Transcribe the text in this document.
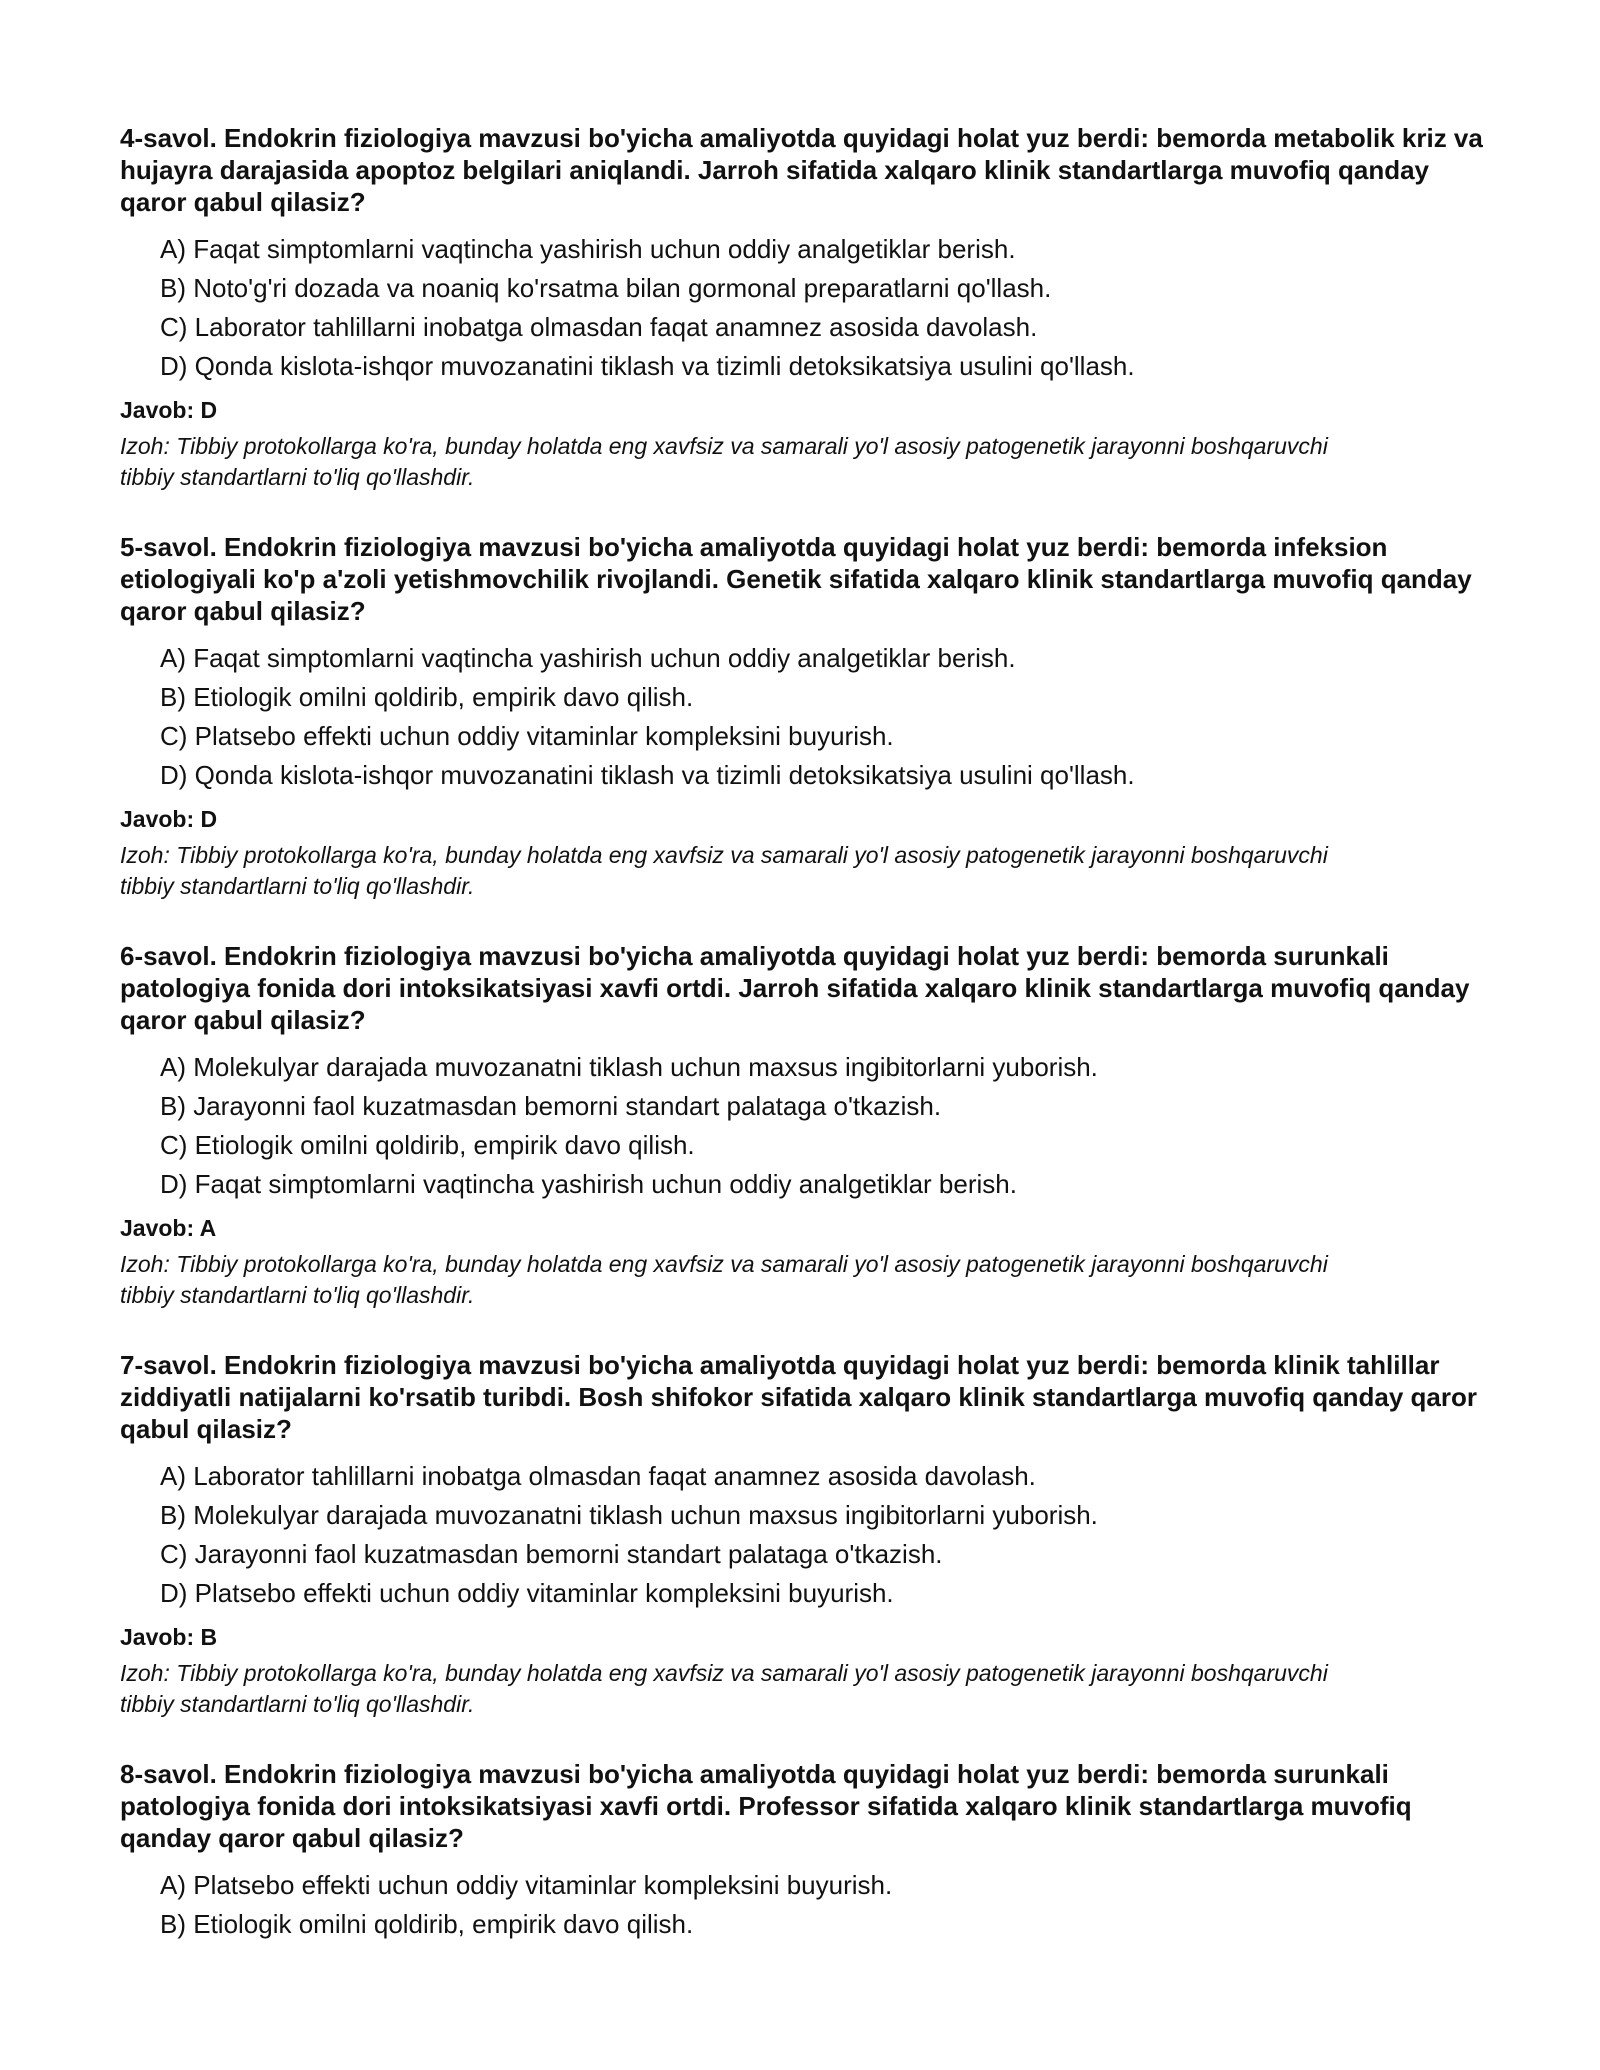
4-savol. Endokrin fiziologiya mavzusi bo'yicha amaliyotda quyidagi holat yuz berdi: bemorda metabolik kriz va hujayra darajasida apoptoz belgilari aniqlandi. Jarroh sifatida xalqaro klinik standartlarga muvofiq qanday qaror qabul qilasiz?

A) Faqat simptomlarni vaqtincha yashirish uchun oddiy analgetiklar berish.
B) Noto'g'ri dozada va noaniq ko'rsatma bilan gormonal preparatlarni qo'llash.
C) Laborator tahlillarni inobatga olmasdan faqat anamnez asosida davolash.
D) Qonda kislota-ishqor muvozanatini tiklash va tizimli detoksikatsiya usulini qo'llash.

Javob: D

Izoh: Tibbiy protokollarga ko'ra, bunday holatda eng xavfsiz va samarali yo'l asosiy patogenetik jarayonni boshqaruvchi tibbiy standartlarni to'liq qo'llashdir.

5-savol. Endokrin fiziologiya mavzusi bo'yicha amaliyotda quyidagi holat yuz berdi: bemorda infeksion etiologiyali ko'p a'zoli yetishmovchilik rivojlandi. Genetik sifatida xalqaro klinik standartlarga muvofiq qanday qaror qabul qilasiz?

A) Faqat simptomlarni vaqtincha yashirish uchun oddiy analgetiklar berish.
B) Etiologik omilni qoldirib, empirik davo qilish.
C) Platsebo effekti uchun oddiy vitaminlar kompleksini buyurish.
D) Qonda kislota-ishqor muvozanatini tiklash va tizimli detoksikatsiya usulini qo'llash.

Javob: D

Izoh: Tibbiy protokollarga ko'ra, bunday holatda eng xavfsiz va samarali yo'l asosiy patogenetik jarayonni boshqaruvchi tibbiy standartlarni to'liq qo'llashdir.

6-savol. Endokrin fiziologiya mavzusi bo'yicha amaliyotda quyidagi holat yuz berdi: bemorda surunkali patologiya fonida dori intoksikatsiyasi xavfi ortdi. Jarroh sifatida xalqaro klinik standartlarga muvofiq qanday qaror qabul qilasiz?

A) Molekulyar darajada muvozanatni tiklash uchun maxsus ingibitorlarni yuborish.
B) Jarayonni faol kuzatmasdan bemorni standart palataga o'tkazish.
C) Etiologik omilni qoldirib, empirik davo qilish.
D) Faqat simptomlarni vaqtincha yashirish uchun oddiy analgetiklar berish.

Javob: A

Izoh: Tibbiy protokollarga ko'ra, bunday holatda eng xavfsiz va samarali yo'l asosiy patogenetik jarayonni boshqaruvchi tibbiy standartlarni to'liq qo'llashdir.

7-savol. Endokrin fiziologiya mavzusi bo'yicha amaliyotda quyidagi holat yuz berdi: bemorda klinik tahlillar ziddiyatli natijalarni ko'rsatib turibdi. Bosh shifokor sifatida xalqaro klinik standartlarga muvofiq qanday qaror qabul qilasiz?

A) Laborator tahlillarni inobatga olmasdan faqat anamnez asosida davolash.
B) Molekulyar darajada muvozanatni tiklash uchun maxsus ingibitorlarni yuborish.
C) Jarayonni faol kuzatmasdan bemorni standart palataga o'tkazish.
D) Platsebo effekti uchun oddiy vitaminlar kompleksini buyurish.

Javob: B

Izoh: Tibbiy protokollarga ko'ra, bunday holatda eng xavfsiz va samarali yo'l asosiy patogenetik jarayonni boshqaruvchi tibbiy standartlarni to'liq qo'llashdir.

8-savol. Endokrin fiziologiya mavzusi bo'yicha amaliyotda quyidagi holat yuz berdi: bemorda surunkali patologiya fonida dori intoksikatsiyasi xavfi ortdi. Professor sifatida xalqaro klinik standartlarga muvofiq qanday qaror qabul qilasiz?

A) Platsebo effekti uchun oddiy vitaminlar kompleksini buyurish.
B) Etiologik omilni qoldirib, empirik davo qilish.
